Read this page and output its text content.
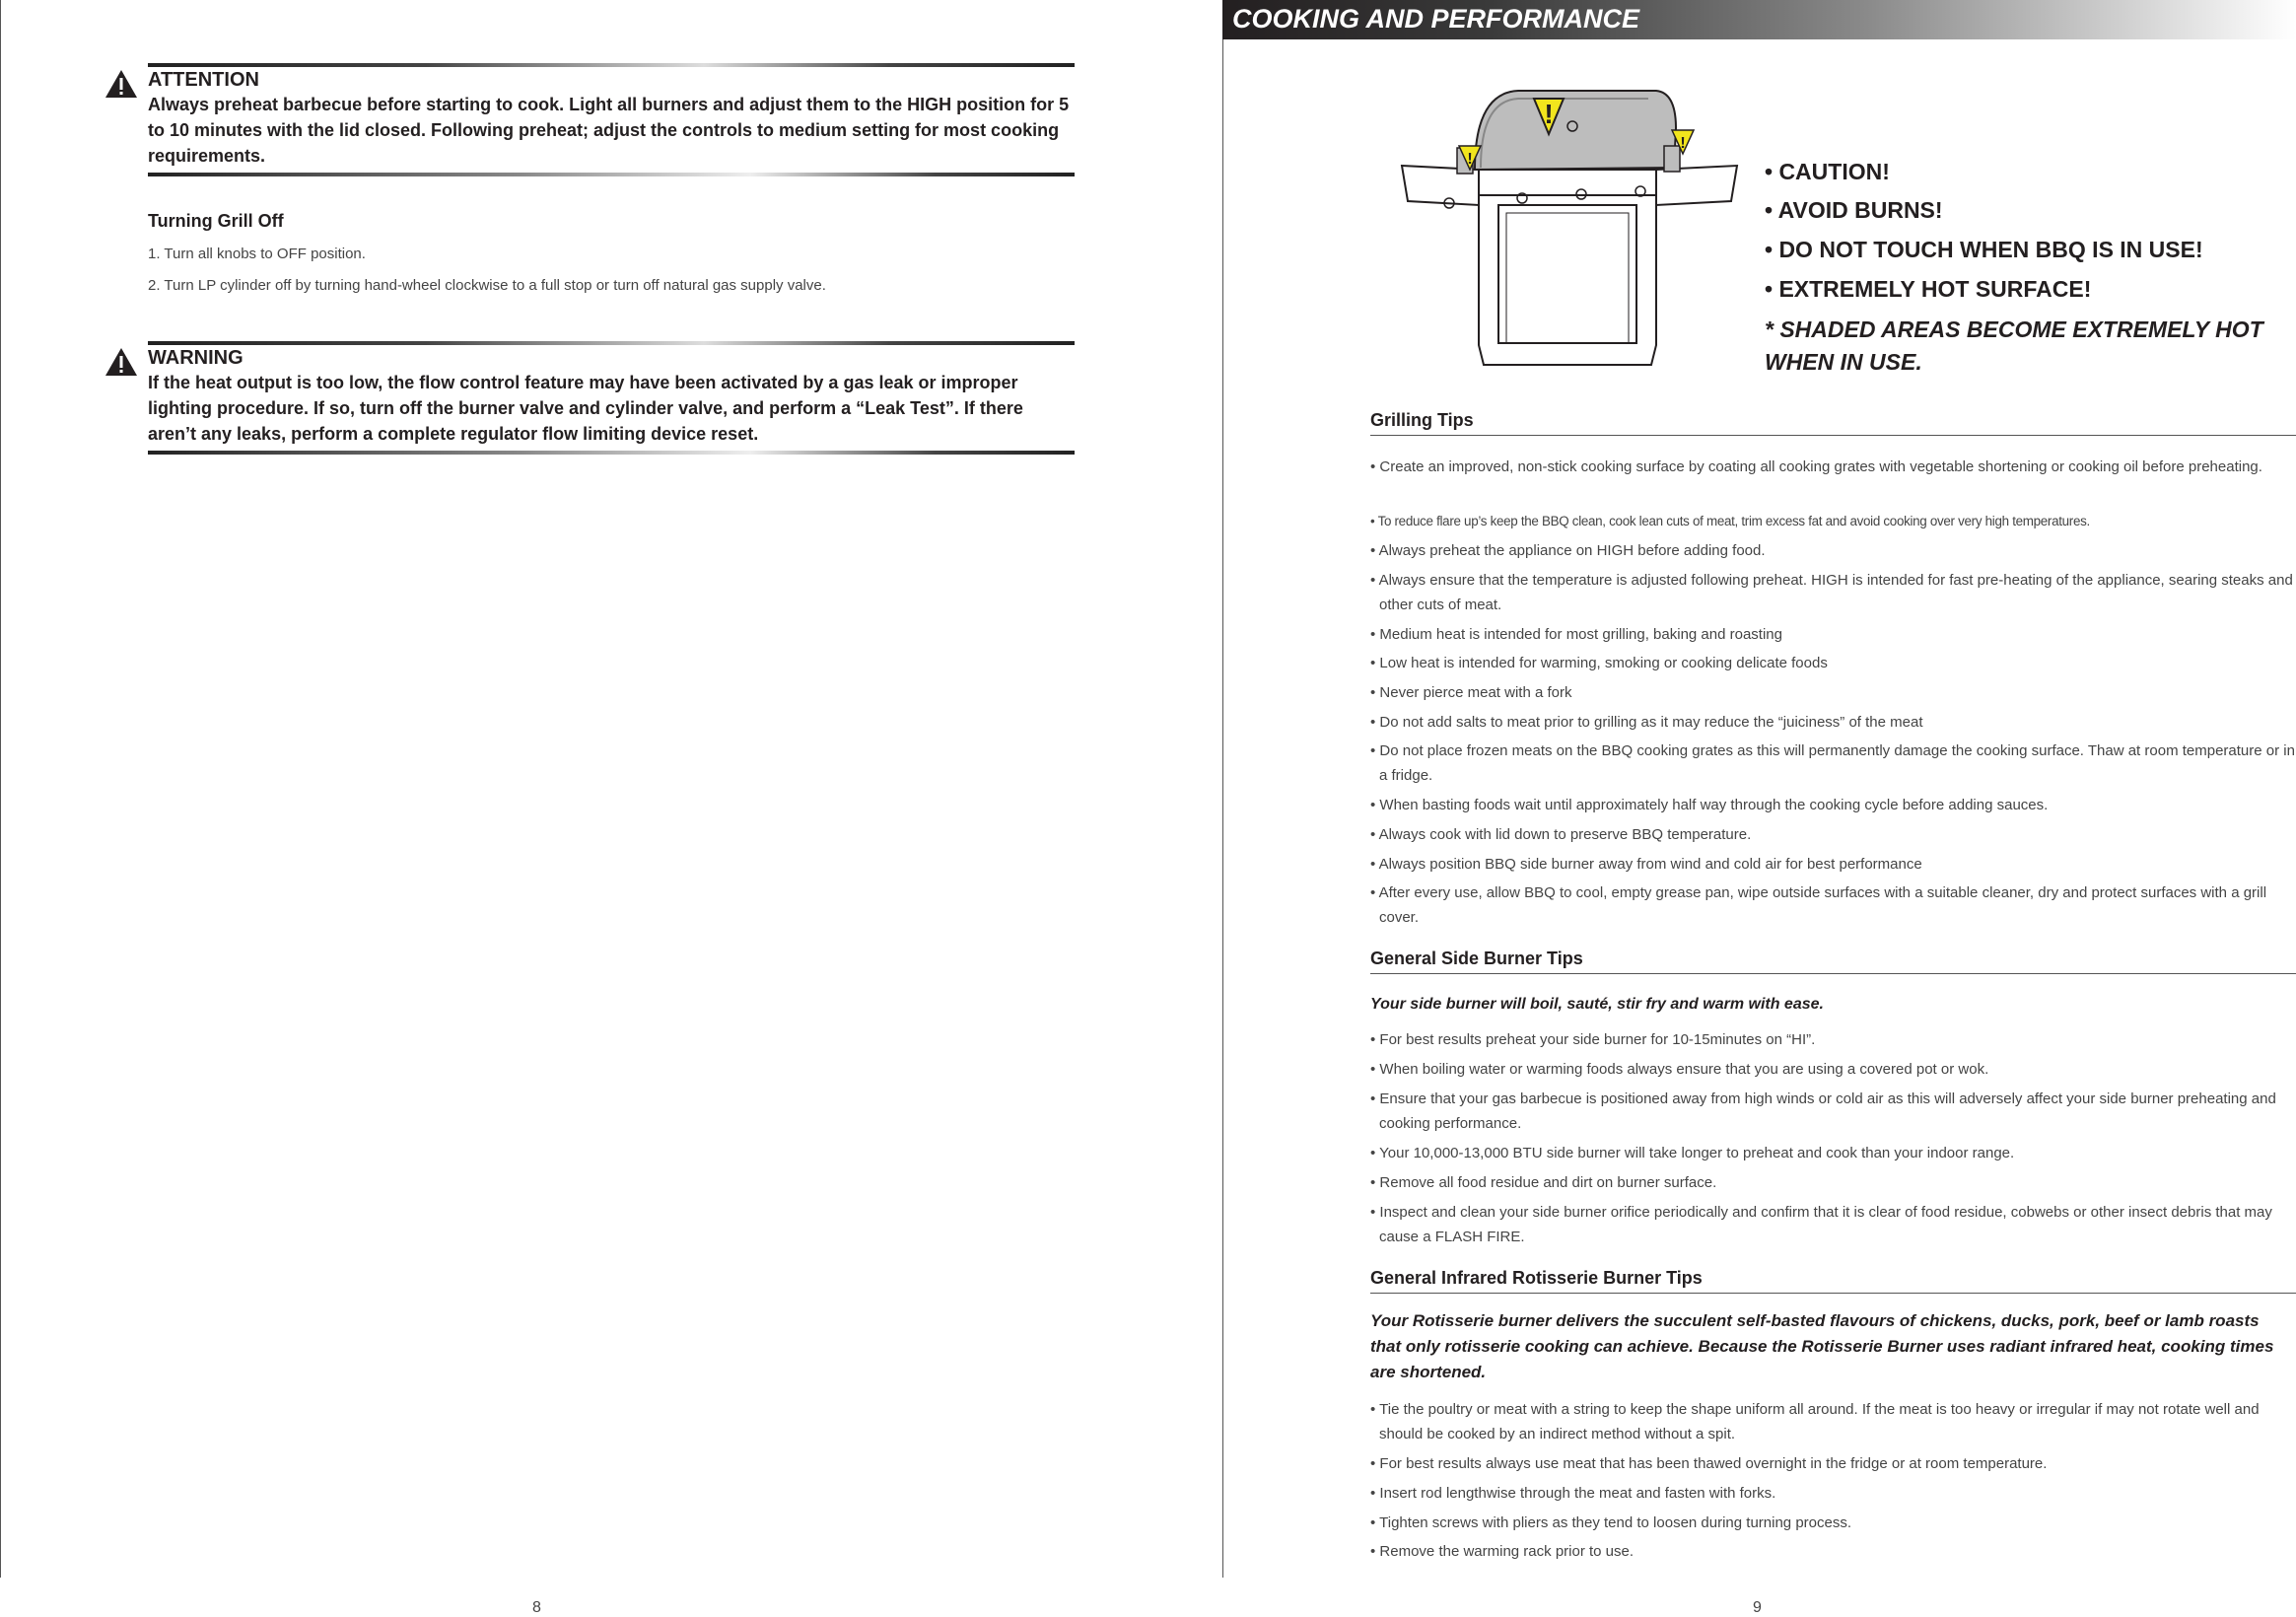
ATTENTION
Always preheat barbecue before starting to cook. Light all burners and adjust them to the HIGH position for 5 to 10 minutes with the lid closed. Following preheat; adjust the controls to medium setting for most cooking requirements.
Turning Grill Off
1. Turn all knobs to OFF position.
2. Turn LP cylinder off by turning hand-wheel clockwise to a full stop or turn off natural gas supply valve.
WARNING
If the heat output is too low, the flow control feature may have been activated by a gas leak or improper lighting procedure. If so, turn off the burner valve and cylinder valve, and perform a “Leak Test”. If there aren’t any leaks, perform a complete regulator flow limiting device reset.
8
COOKING AND PERFORMANCE
!
!
!
• CAUTION!
• AVOID BURNS!
• DO NOT TOUCH WHEN BBQ IS IN USE!
• EXTREMELY HOT SURFACE!
* SHADED AREAS BECOME EXTREMELY HOT WHEN IN USE.
Grilling Tips
• Create an improved, non-stick cooking surface by coating all cooking grates with vegetable shortening or cooking oil before preheating.
• To reduce flare up’s keep the BBQ clean, cook lean cuts of meat, trim excess fat and avoid cooking over very high temperatures.
• Always preheat the appliance on HIGH before adding food.
• Always ensure that the temperature is adjusted following preheat. HIGH is intended for fast pre-heating of the appliance, searing steaks and other cuts of meat.
• Medium heat is intended for most grilling, baking and roasting
• Low heat is intended for warming, smoking or cooking delicate foods
• Never pierce meat with a fork
• Do not add salts to meat prior to grilling as it may reduce the “juiciness” of the meat
• Do not place frozen meats on the BBQ cooking grates as this will permanently damage the cooking surface. Thaw at room temperature or in a fridge.
• When basting foods wait until approximately half way through the cooking cycle before adding sauces.
• Always cook with lid down to preserve BBQ temperature.
• Always position BBQ side burner away from wind and cold air for best performance
• After every use, allow BBQ to cool, empty grease pan, wipe outside surfaces with a suitable cleaner, dry and protect surfaces with a grill cover.
General Side Burner Tips
Your side burner will boil, sauté, stir fry and warm with ease.
• For best results preheat your side burner for 10-15minutes on “HI”.
• When boiling water or warming foods always ensure that you are using a covered pot or wok.
• Ensure that your gas barbecue is positioned away from high winds or cold air as this will adversely affect your side burner preheating and cooking performance.
• Your 10,000-13,000 BTU side burner will take longer to preheat and cook than your indoor range.
• Remove all food residue and dirt on burner surface.
• Inspect and clean your side burner orifice periodically and confirm that it is clear of food residue, cobwebs or other insect debris that may cause a FLASH FIRE.
General Infrared Rotisserie Burner Tips
Your Rotisserie burner delivers the succulent self-basted flavours of chickens, ducks, pork, beef or lamb roasts that only rotisserie cooking can achieve. Because the Rotisserie Burner uses radiant infrared heat, cooking times are shortened.
• Tie the poultry or meat with a string to keep the shape uniform all around. If the meat is too heavy or irregular if may not rotate well and should be cooked by an indirect method without a spit.
• For best results always use meat that has been thawed overnight in the fridge or at room temperature.
• Insert rod lengthwise through the meat and fasten with forks.
• Tighten screws with pliers as they tend to loosen during turning process.
• Remove the warming rack prior to use.
9
